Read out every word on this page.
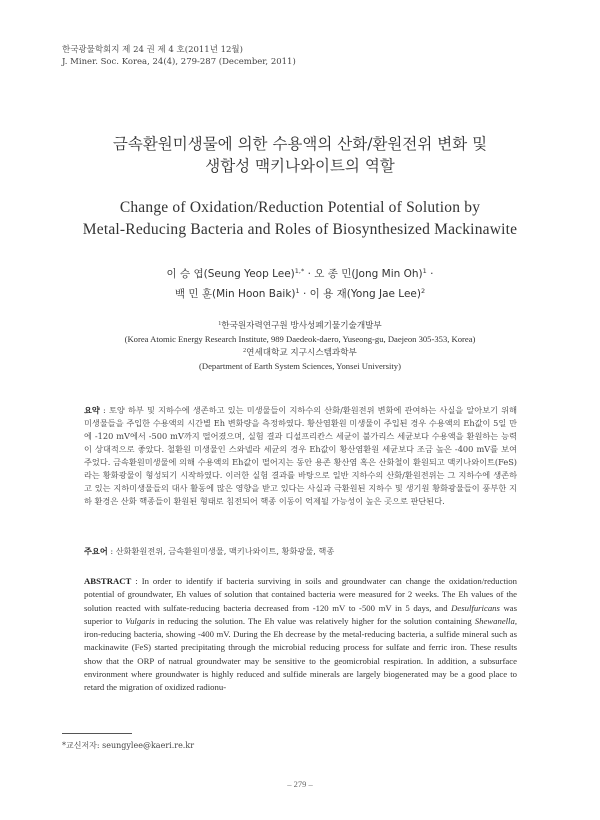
한국광물학회지 제 24 권 제 4 호(2011년 12월)
J. Miner. Soc. Korea, 24(4), 279-287 (December, 2011)
금속환원미생물에 의한 수용액의 산화/환원전위 변화 및
생합성 맥키나와이트의 역할
Change of Oxidation/Reduction Potential of Solution by
Metal-Reducing Bacteria and Roles of Biosynthesized Mackinawite
이 승 엽(Seung Yeop Lee)$^{1,*}$ · 오 종 민(Jong Min Oh)$^1$ ·
백 민 훈(Min Hoon Baik)$^1$ · 이 용 재(Yong Jae Lee)$^2$
$^1$한국원자력연구원 방사성폐기물기술개발부
(Korea Atomic Energy Research Institute, 989 Daedeok-daero, Yuseong-gu, Daejeon 305-353, Korea)
$^2$연세대학교 지구시스템과학부
(Department of Earth System Sciences, Yonsei University)
요약 : 토양 하부 및 지하수에 생존하고 있는 미생물들이 지하수의 산화/환원전위 변화에 관여하는 사실을 알아보기 위해 미생물들을 주입한 수용액의 시간별 Eh 변화량을 측정하였다. 황산염환원 미생물이 주입된 경우 수용액의 Eh값이 5일 만에 -120 mV에서 -500 mV까지 떨어졌으며, 실험 결과 디설프리칸스 세균이 불가리스 세균보다 수용액을 환원하는 능력이 상대적으로 좋았다. 철환원 미생물인 스와넬라 세균의 경우 Eh값이 황산염환원 세균보다 조금 높은 -400 mV를 보여 주었다. 금속환원미생물에 의해 수용액의 Eh값이 떨어지는 동안 용존 황산염 혹은 산화철이 환원되고 맥키나와이트(FeS)라는 황화광물이 형성되기 시작하였다. 이러한 실험 결과를 바탕으로 일반 지하수의 산화/환원전위는 그 지하수에 생존하고 있는 지하미생물들의 대사 활동에 많은 영향을 받고 있다는 사실과 극환원된 지하수 및 생기원 황화광물들이 풍부한 지하 환경은 산화 핵종들이 환원된 형태로 침전되어 핵종 이동이 억제될 가능성이 높은 곳으로 판단된다.
주요어 : 산화환원전위, 금속환원미생물, 맥키나와이트, 황화광물, 핵종
ABSTRACT : In order to identify if bacteria surviving in soils and groundwater can change the oxidation/reduction potential of groundwater, Eh values of solution that contained bacteria were measured for 2 weeks. The Eh values of the solution reacted with sulfate-reducing bacteria decreased from -120 mV to -500 mV in 5 days, and Desulfuricans was superior to Vulgaris in reducing the solution. The Eh value was relatively higher for the solution containing Shewanella, iron-reducing bacteria, showing -400 mV. During the Eh decrease by the metal-reducing bacteria, a sulfide mineral such as mackinawite (FeS) started precipitating through the microbial reducing process for sulfate and ferric iron. These results show that the ORP of natrual groundwater may be sensitive to the geomicrobial respiration. In addition, a subsurface environment where groundwater is highly reduced and sulfide minerals are largely biogenerated may be a good place to retard the migration of oxidized radionu-
*교신저자: seungylee@kaeri.re.kr
– 279 –
